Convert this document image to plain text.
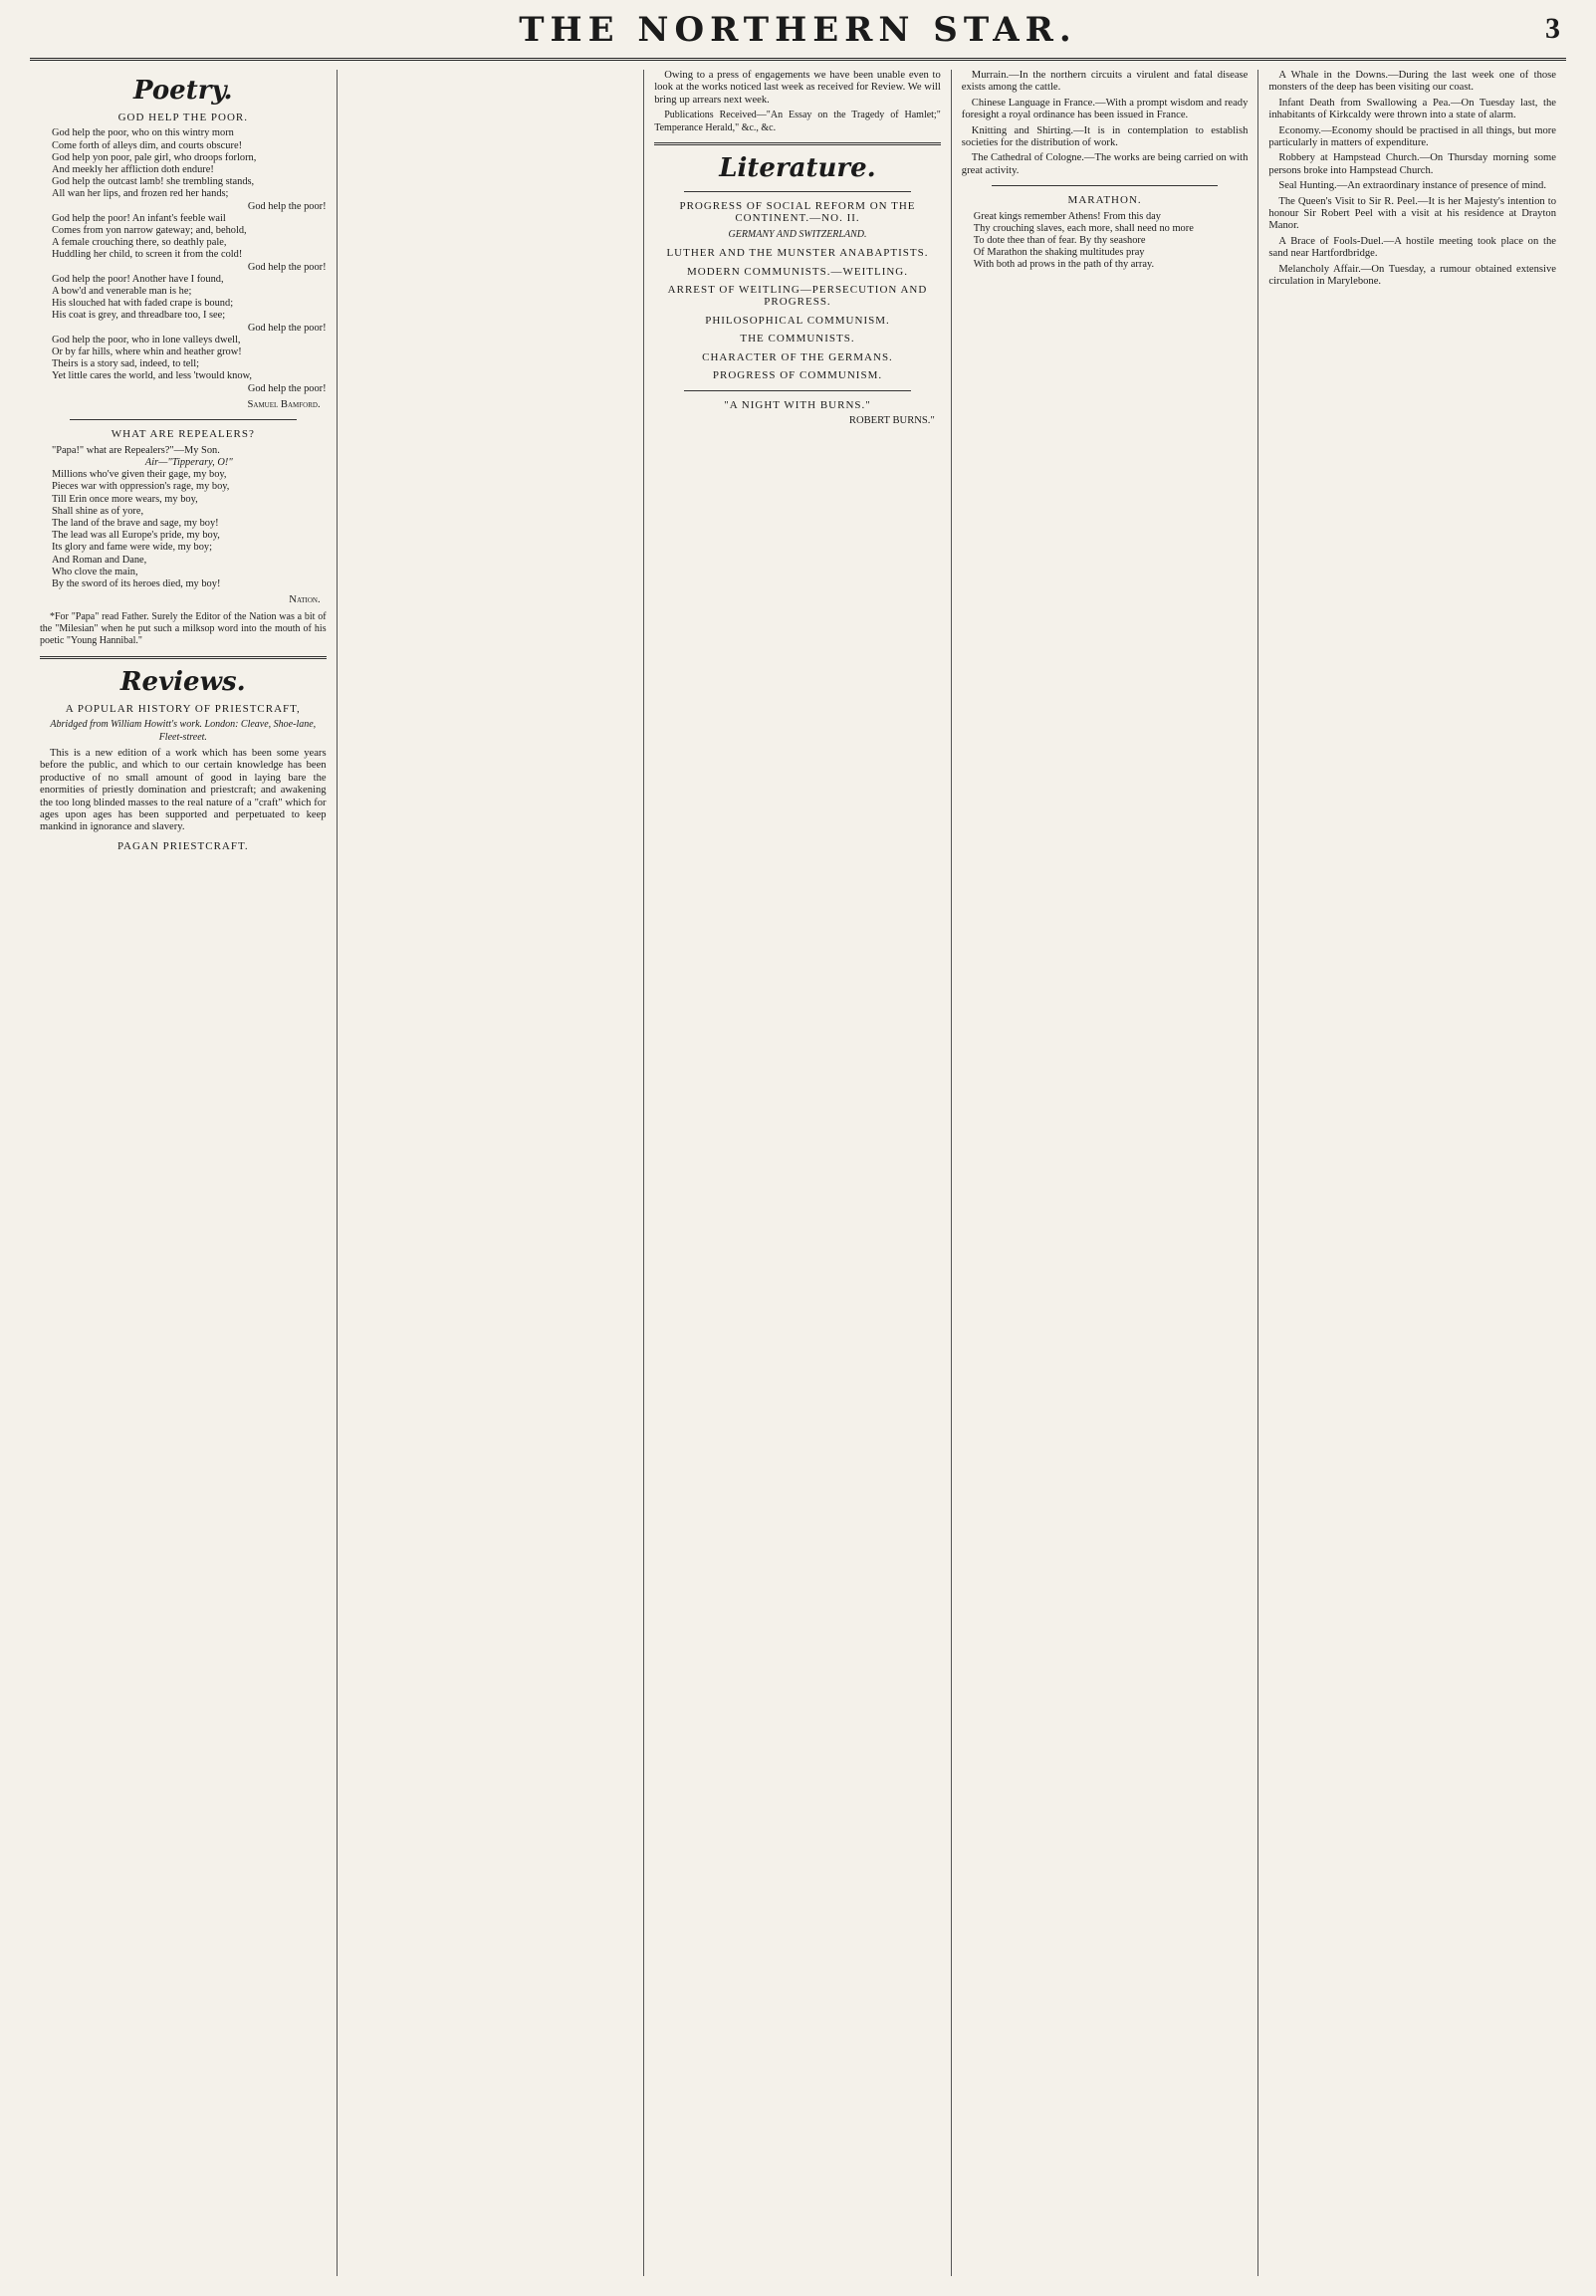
THE NORTHERN STAR.	3
Poetry.
GOD HELP THE POOR.

God help the poor, who on this wintry morn

Come forth of alleys dim, and courts obscure!

God help yon poor, pale girl, who droops forlorn,

And meekly her affliction doth endure!

God help the outcast lamb! she trembling stands,

All wan her lips, and frozen red her hands;

God help the poor!

God help the poor! An infant's feeble wail

Comes from yon narrow gateway; and, behold,

A female crouching there, so deathly pale,

Huddling her child, to screen it from the cold!

God help the poor!

God help the poor! Another have I found,

A bow'd and venerable man is he;

His slouched hat with faded crape is bound;

His coat is grey, and threadbare too, I see;

God help the poor!

God help the poor, who in lone valleys dwell,

Or by far hills, where whin and heather grow!

Theirs is a story sad, indeed, to tell;

Yet little cares the world, and less 'twould know,

God help the poor!

Samuel Bamford.
WHAT ARE REPEALERS?

"Papa!" what are Repealers?"—My Son.

Air—"Tipperary, O!"

Millions who've given their gage, my boy,

Pieces war with oppression's rage, my boy,

Till Erin once more wears, my boy,

Shall shine as of yore,

The land of the brave and sage, my boy!

The lead was all Europe's pride, my boy,

Its glory and fame were wide, my boy;

And Roman and Dane,

Who clove the main,

By the sword of its heroes died, my boy!

Nation.

*For "Papa" read Father. Surely the Editor of the Nation was a bit of the "Milesian" when he put such a milksop word into the mouth of his poetic "Young Hannibal."

Reviews.
A POPULAR HISTORY OF PRIESTCRAFT,
Abridged from William Howitt's work. London: Cleave, Shoe-lane, Fleet-street.

This is a new edition of a work which has been some years before the public, and which to our certain knowledge has been productive of no small amount of good in laying bare the enormities of priestly domination and priestcraft; and awakening the too long blinded masses to the real nature of a "craft" which for ages upon ages has been supported and perpetuated to keep mankind in ignorance and slavery.

PAGAN PRIESTCRAFT.

Owing to a press of engagements we have been unable even to look at the works noticed last week as received for Review. We will bring up arrears next week.

Publications Received—"An Essay on the Tragedy of Hamlet;" Temperance Herald," &c., &c.

Literature.
PROGRESS OF SOCIAL REFORM ON THE CONTINENT.—NO. II.
GERMANY AND SWITZERLAND.
LUTHER AND THE MUNSTER ANABAPTISTS.
MODERN COMMUNISTS.—WEITLING.
ARREST OF WEITLING—PERSECUTION AND PROGRESS.
PHILOSOPHICAL COMMUNISM.
THE COMMUNISTS.
CHARACTER OF THE GERMANS.
PROGRESS OF COMMUNISM.
"A NIGHT WITH BURNS."
ROBERT BURNS."

Murrain.—In the northern circuits a virulent and fatal disease exists among the cattle.

Chinese Language in France.—With a prompt wisdom and ready foresight a royal ordinance has been issued in France.

Knitting and Shirting.—It is in contemplation to establish societies for the distribution of work.

The Cathedral of Cologne.—The works are being carried on with great activity.

MARATHON.

Great kings remember Athens! From this day

Thy crouching slaves, each more, shall need no more

To dote thee than of fear. By thy seashore

Of Marathon the shaking multitudes pray

With both ad prows in the path of thy array.

A Whale in the Downs.—During the last week one of those monsters of the deep has been visiting our coast.

Infant Death from Swallowing a Pea.—On Tuesday last, the inhabitants of Kirkcaldy were thrown into a state of alarm.

Economy.—Economy should be practised in all things, but more particularly in matters of expenditure.

Robbery at Hampstead Church.—On Thursday morning some persons broke into Hampstead Church.

Seal Hunting.—An extraordinary instance of presence of mind.

The Queen's Visit to Sir R. Peel.—It is her Majesty's intention to honour Sir Robert Peel with a visit at his residence at Drayton Manor.

A Brace of Fools-Duel.—A hostile meeting took place on the sand near Hartfordbridge.

Melancholy Affair.—On Tuesday, a rumour obtained extensive circulation in Marylebone.
